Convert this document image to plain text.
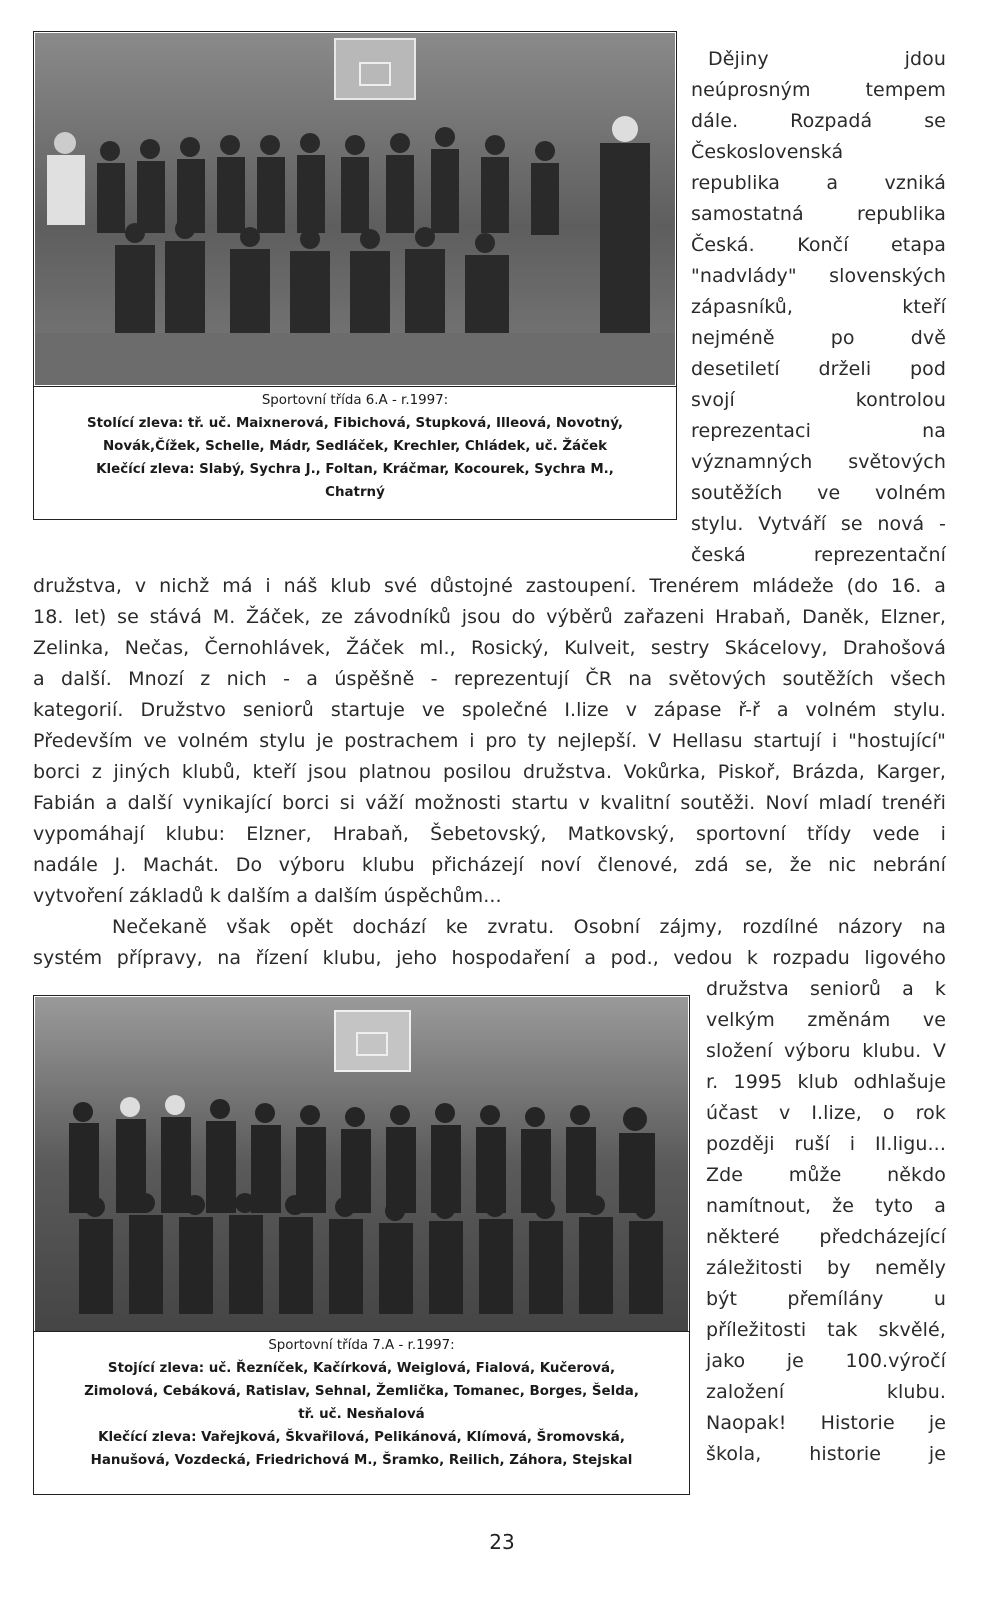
Sportovní třída 6.A - r.1997:
Stolící zleva: tř. uč. Maixnerová, Fibichová, Stupková, Illeová, Novotný,
Novák,Čížek, Schelle, Mádr, Sedláček, Krechler, Chládek, uč. Žáček
Klečící zleva: Slabý, Sychra J., Foltan, Kráčmar, Kocourek, Sychra M.,
Chatrný
Dějiny	jdou
neúprosným	tempem
dále.	Rozpadá	se
Československá
republika a vzniká
samostatná	republika
Česká. Končí etapa
"nadvlády" slovenských
zápasníků,	kteří
nejméně	po	dvě
desetiletí drželi pod
svojí	kontrolou
reprezentaci	na
významných světových
soutěžích ve volném
stylu. Vytváří se nová -
česká	reprezentační
družstva, v nichž má i náš klub své důstojné zastoupení. Trenérem mládeže (do 16. a
18. let) se stává M. Žáček, ze závodníků jsou do výběrů zařazeni Hrabaň, Daněk, Elzner,
Zelinka, Nečas, Černohlávek, Žáček ml., Rosický, Kulveit, sestry Skácelovy, Drahošová
a další. Mnozí z nich - a úspěšně - reprezentují ČR na světových soutěžích všech
kategorií. Družstvo seniorů startuje ve společné I.lize v zápase ř-ř a volném stylu.
Především ve volném stylu je postrachem i pro ty nejlepší. V Hellasu startují i "hostující"
borci z jiných klubů, kteří jsou platnou posilou družstva. Vokůrka, Piskoř, Brázda, Karger,
Fabián a další vynikající borci si váží možnosti startu v kvalitní soutěži. Noví mladí trenéři
vypomáhají klubu: Elzner, Hrabaň, Šebetovský, Matkovský, sportovní třídy vede i
nadále J. Machát. Do výboru klubu přicházejí noví členové, zdá se, že nic nebrání
vytvoření základů k dalším a dalším úspěchům...
Nečekaně však opět dochází ke zvratu. Osobní zájmy, rozdílné názory na
systém přípravy, na řízení klubu, jeho hospodaření a pod., vedou k rozpadu ligového
Sportovní třída 7.A - r.1997:
Stojící zleva: uč. Řezníček, Kačírková, Weiglová, Fialová, Kučerová,
Zimolová, Cebáková, Ratislav, Sehnal, Žemlička, Tomanec, Borges, Šelda,
tř. uč. Nesňalová
Klečící zleva: Vařejková, Škvařilová, Pelikánová, Klímová, Šromovská,
Hanušová, Vozdecká, Friedrichová M., Šramko, Reilich, Záhora, Stejskal
družstva seniorů a k
velkým změnám ve
složení výboru klubu. V
r. 1995 klub odhlašuje
účast v I.lize, o rok
později ruší i II.ligu...
Zde může někdo
namítnout, že tyto a
některé předcházející
záležitosti by neměly
být	přemílány	u
příležitosti tak skvělé,
jako je 100.výročí
založení	klubu.
Naopak! Historie je
škola,	historie	je
23
